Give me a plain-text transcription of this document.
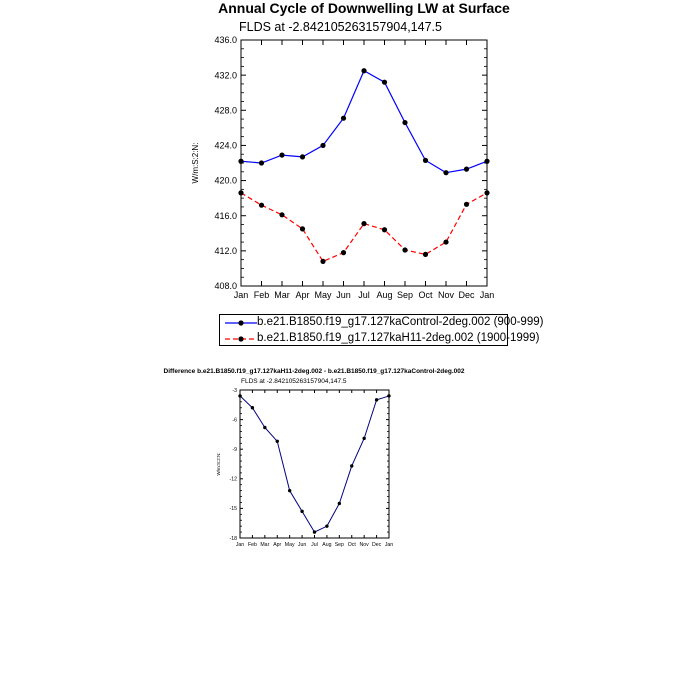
Annual Cycle of Downwelling LW at Surface
FLDS at -2.842105263157904,147.5
408.0
412.0
416.0
420.0
424.0
428.0
432.0
436.0
Jan Feb Mar Apr May Jun Jul Aug Sep Oct Nov Dec Jan
W/m:S:2:N:
-18
-15
-12
-9
-6
-3
Jan Feb Mar Apr May Jun Jul Aug Sep Oct Nov Dec Jan
W/m:S:2:N:
b.e21.B1850.f19_g17.127kaControl-2deg.002 (900-999)
b.e21.B1850.f19_g17.127kaH11-2deg.002 (1900-1999)
Difference b.e21.B1850.f19_g17.127kaH11-2deg.002 - b.e21.B1850.f19_g17.127kaControl-2deg.002
FLDS at -2.842105263157904,147.5
